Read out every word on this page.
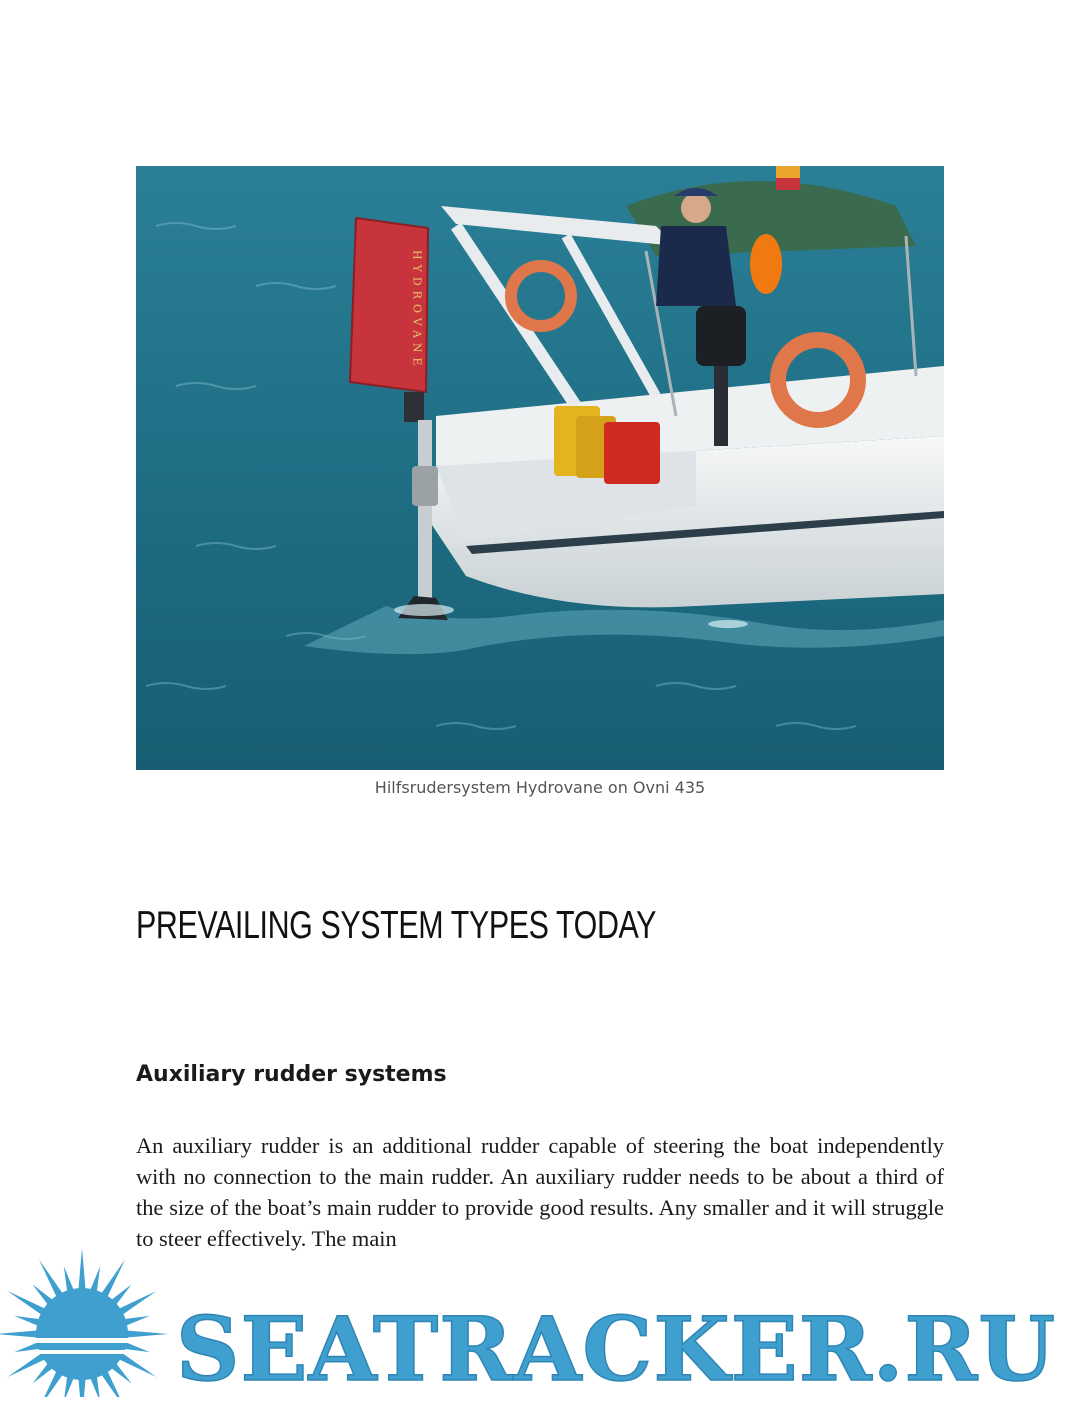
HYDROVANE
Hilfsrudersystem Hydrovane on Ovni 435
PREVAILING SYSTEM TYPES TODAY
Auxiliary rudder systems

An auxiliary rudder is an additional rudder capable of steering the boat independently with no connection to the main rudder. An auxiliary rudder needs to be about a third of the size of the boat’s main rudder to provide good results. Any smaller and it will struggle to steer effectively. The main

SEATRACKER.RU
